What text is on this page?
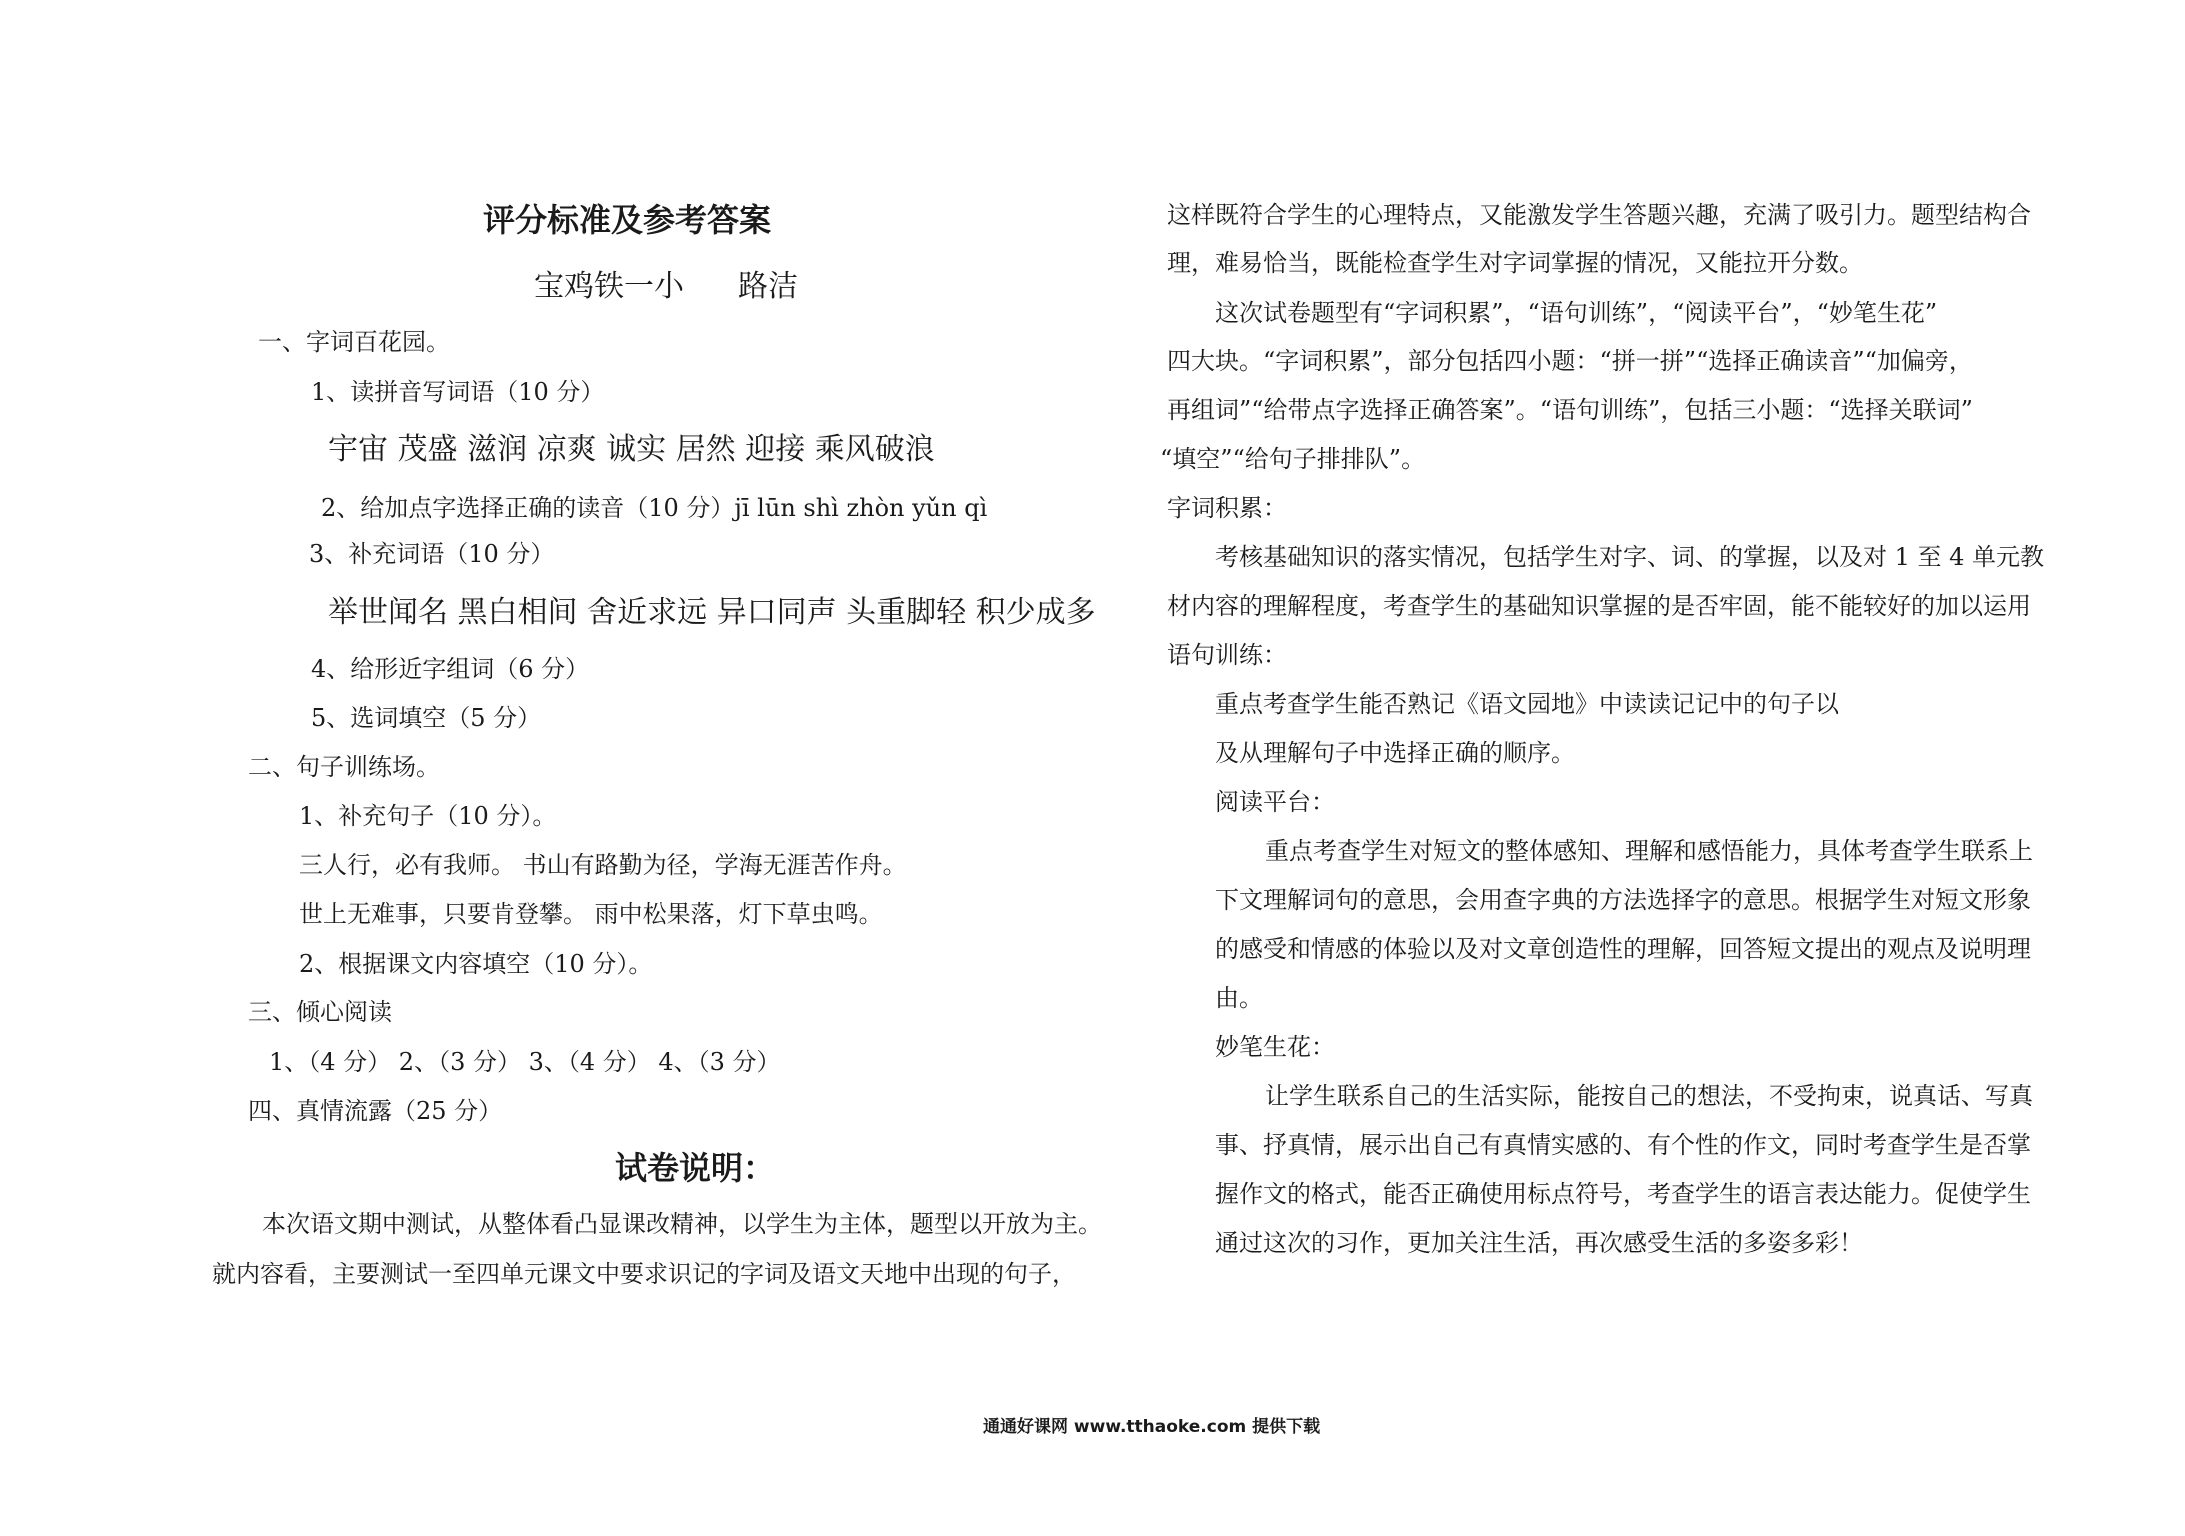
评分标准及参考答案
宝鸡铁一小 路洁
一、字词百花园。
1、读拼音写词语（10 分）
宇宙 茂盛 滋润 凉爽 诚实 居然 迎接 乘风破浪
2、给加点字选择正确的读音（10 分）jī lūn shì zhòn yǔn qì
3、补充词语（10 分）
举世闻名 黑白相间 舍近求远 异口同声 头重脚轻 积少成多
4、给形近字组词（6 分）
5、选词填空（5 分）
二、句子训练场。
1、补充句子（10 分）。
三人行，必有我师。 书山有路勤为径，学海无涯苦作舟。
世上无难事，只要肯登攀。 雨中松果落，灯下草虫鸣。
2、根据课文内容填空（10 分）。
三、倾心阅读
1、（4 分） 2、（3 分） 3、（4 分） 4、（3 分）
四、真情流露（25 分）
试卷说明：
本次语文期中测试，从整体看凸显课改精神，以学生为主体，题型以开放为主。
就内容看，主要测试一至四单元课文中要求识记的字词及语文天地中出现的句子，
这样既符合学生的心理特点，又能激发学生答题兴趣，充满了吸引力。题型结构合
理，难易恰当，既能检查学生对字词掌握的情况，又能拉开分数。
这次试卷题型有“字词积累”，“语句训练”，“阅读平台”，“妙笔生花”
四大块。“字词积累”，部分包括四小题：“拼一拼”“选择正确读音”“加偏旁，
再组词”“给带点字选择正确答案”。“语句训练”，包括三小题：“选择关联词”
“填空”“给句子排排队”。
字词积累：
考核基础知识的落实情况，包括学生对字、词、的掌握，以及对 1 至 4 单元教
材内容的理解程度，考查学生的基础知识掌握的是否牢固，能不能较好的加以运用
语句训练：
重点考查学生能否熟记《语文园地》中读读记记中的句子以
及从理解句子中选择正确的顺序。
阅读平台：
重点考查学生对短文的整体感知、理解和感悟能力，具体考查学生联系上
下文理解词句的意思，会用查字典的方法选择字的意思。根据学生对短文形象
的感受和情感的体验以及对文章创造性的理解，回答短文提出的观点及说明理
由。
妙笔生花：
让学生联系自己的生活实际，能按自己的想法，不受拘束，说真话、写真
事、抒真情，展示出自己有真情实感的、有个性的作文，同时考查学生是否掌
握作文的格式，能否正确使用标点符号，考查学生的语言表达能力。促使学生
通过这次的习作，更加关注生活，再次感受生活的多姿多彩！
通通好课网 www.tthaoke.com 提供下载
